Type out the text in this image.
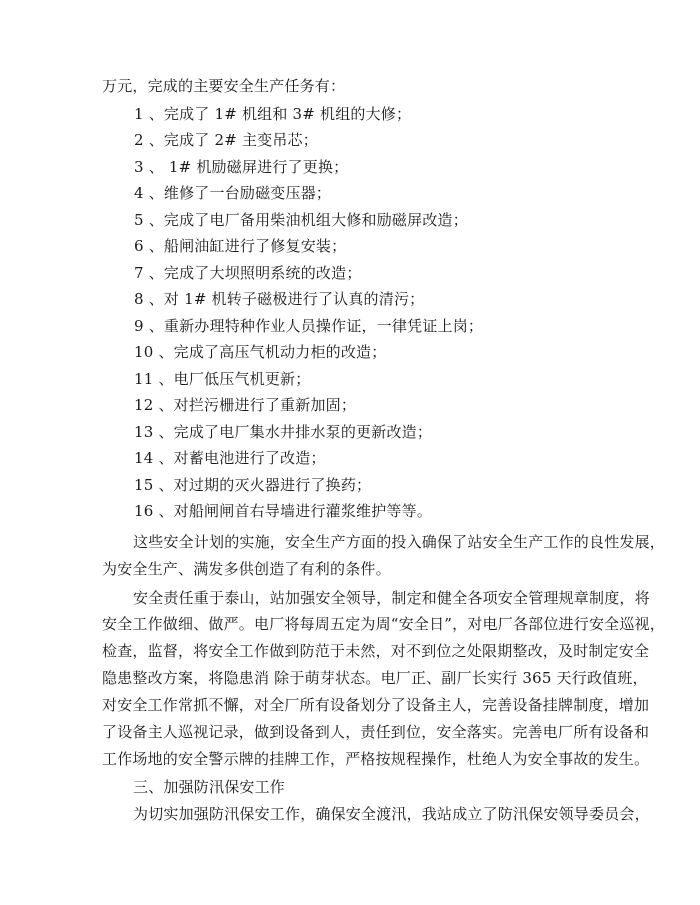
万元，完成的主要安全生产任务有：
1 、完成了 1# 机组和 3# 机组的大修；
2 、完成了 2# 主变吊芯；
3 、 1# 机励磁屏进行了更换；
4 、维修了一台励磁变压器；
5 、完成了电厂备用柴油机组大修和励磁屏改造；
6 、船闸油缸进行了修复安装；
7 、完成了大坝照明系统的改造；
8 、对 1# 机转子磁极进行了认真的清污；
9 、重新办理特种作业人员操作证，一律凭证上岗；
10 、完成了高压气机动力柜的改造；
11 、电厂低压气机更新；
12 、对拦污栅进行了重新加固；
13 、完成了电厂集水井排水泵的更新改造；
14 、对蓄电池进行了改造；
15 、对过期的灭火器进行了换药；
16 、对船闸闸首右导墙进行灌浆维护等等。
这些安全计划的实施，安全生产方面的投入确保了站安全生产工作的良性发展，
为安全生产、满发多供创造了有利的条件。
安全责任重于泰山，站加强安全领导，制定和健全各项安全管理规章制度，将
安全工作做细、做严。电厂将每周五定为周“安全日”，对电厂各部位进行安全巡视，
检查，监督，将安全工作做到防范于未然，对不到位之处限期整改，及时制定安全
隐患整改方案，将隐患消 除于萌芽状态。电厂正、副厂长实行 365 天行政值班，
对安全工作常抓不懈，对全厂所有设备划分了设备主人，完善设备挂牌制度，增加
了设备主人巡视记录，做到设备到人，责任到位，安全落实。完善电厂所有设备和
工作场地的安全警示牌的挂牌工作，严格按规程操作，杜绝人为安全事故的发生。
三、加强防汛保安工作
为切实加强防汛保安工作，确保安全渡汛，我站成立了防汛保安领导委员会，
